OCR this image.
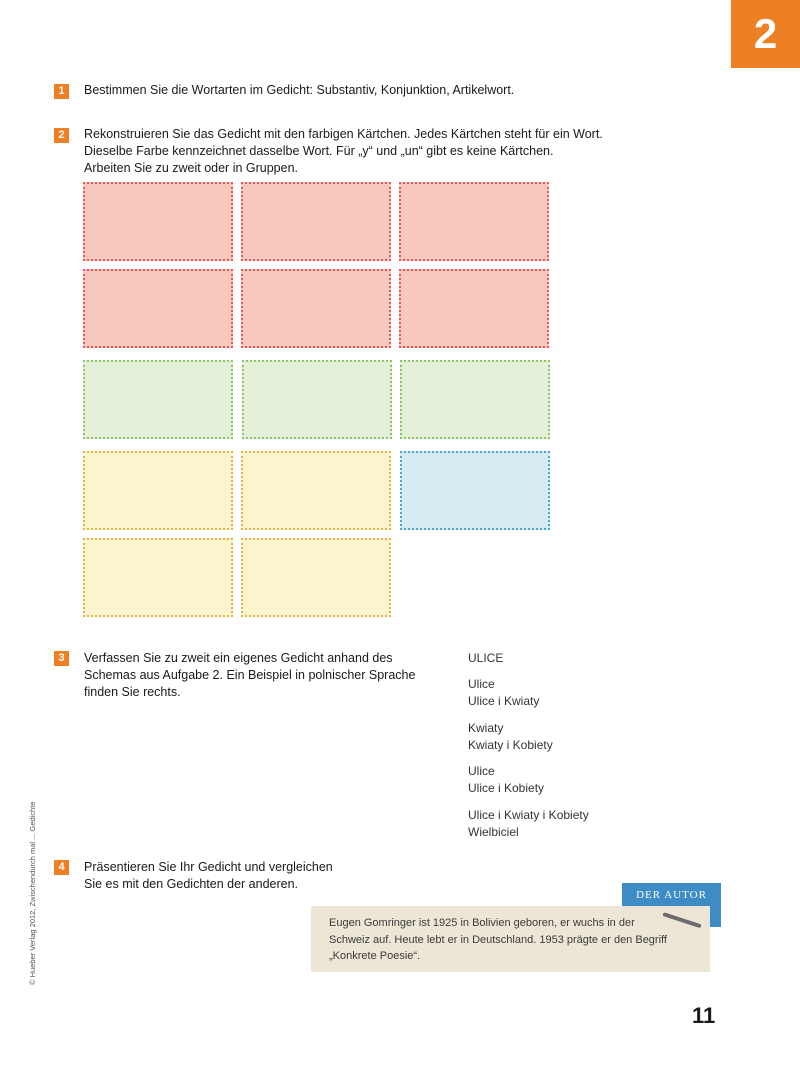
2
1	Bestimmen Sie die Wortarten im Gedicht: Substantiv, Konjunktion, Artikelwort.
2	Rekonstruieren Sie das Gedicht mit den farbigen Kärtchen. Jedes Kärtchen steht für ein Wort.
Dieselbe Farbe kennzeichnet dasselbe Wort. Für „y“ und „un“ gibt es keine Kärtchen.
Arbeiten Sie zu zweit oder in Gruppen.
3	Verfassen Sie zu zweit ein eigenes Gedicht anhand des
Schemas aus Aufgabe 2. Ein Beispiel in polnischer Sprache
finden Sie rechts.
ULICE
Ulice
Ulice i Kwiaty
Kwiaty
Kwiaty i Kobiety
Ulice
Ulice i Kobiety
Ulice i Kwiaty i Kobiety
Wielbiciel
4	Präsentieren Sie Ihr Gedicht und vergleichen
Sie es mit den Gedichten der anderen.
DER AUTOR
Eugen Gomringer ist 1925 in Bolivien geboren, er wuchs in der
Schweiz auf. Heute lebt er in Deutschland. 1953 prägte er den Begriff
„Konkrete Poesie“.
© Hueber Verlag 2012, Zwischendurch mal ... Gedichte
11
